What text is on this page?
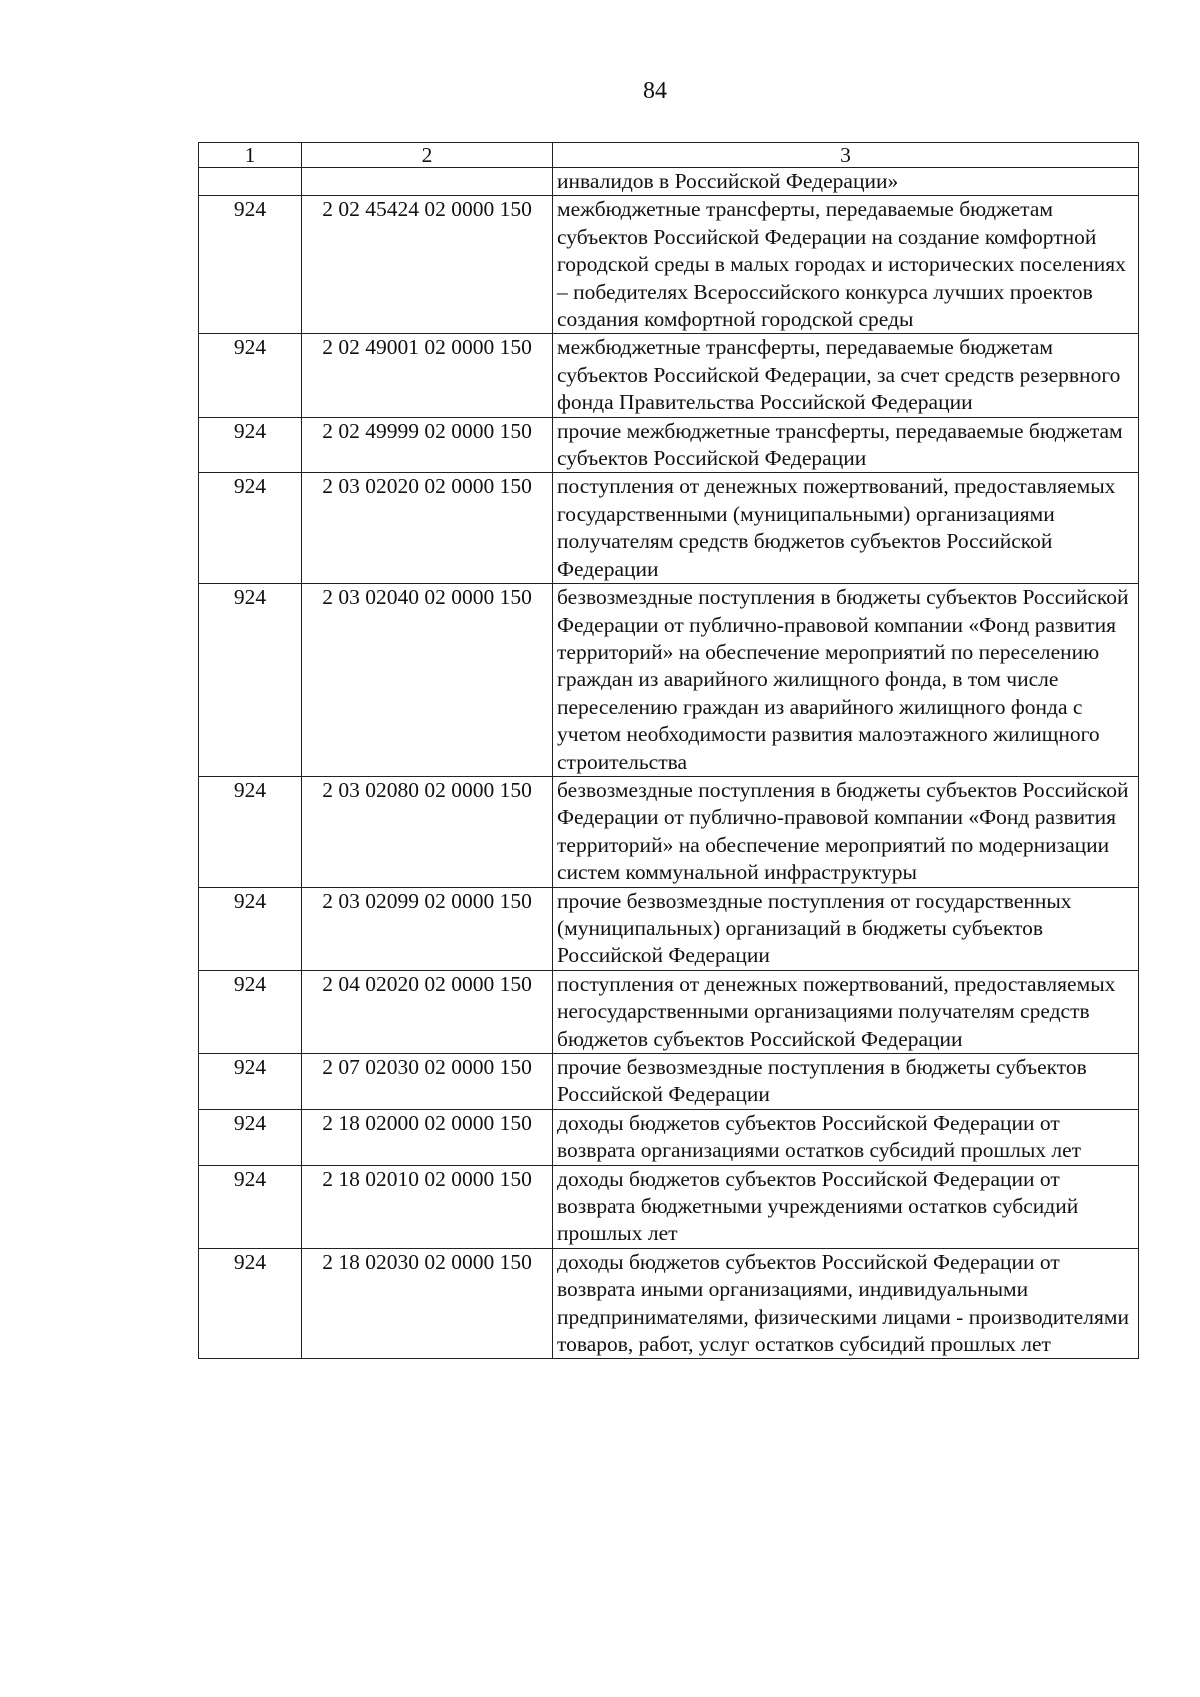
84
1	2	3
		инвалидов в Российской Федерации»
924	2 02 45424 02 0000 150	межбюджетные трансферты, передаваемые бюджетам субъектов Российской Федерации на создание комфортной городской среды в малых городах и исторических поселениях – победителях Всероссийского конкурса лучших проектов создания комфортной городской среды
924	2 02 49001 02 0000 150	межбюджетные трансферты, передаваемые бюджетам субъектов Российской Федерации, за счет средств резервного фонда Правительства Российской Федерации
924	2 02 49999 02 0000 150	прочие межбюджетные трансферты, передаваемые бюджетам субъектов Российской Федерации
924	2 03 02020 02 0000 150	поступления от денежных пожертвований, предоставляемых государственными (муниципальными) организациями получателям средств бюджетов субъектов Российской Федерации
924	2 03 02040 02 0000 150	безвозмездные поступления в бюджеты субъектов Российской Федерации от публично-правовой компании «Фонд развития территорий» на обеспечение мероприятий по переселению граждан из аварийного жилищного фонда, в том числе переселению граждан из аварийного жилищного фонда с учетом необходимости развития малоэтажного жилищного строительства
924	2 03 02080 02 0000 150	безвозмездные поступления в бюджеты субъектов Российской Федерации от публично-правовой компании «Фонд развития территорий» на обеспечение мероприятий по модернизации систем коммунальной инфраструктуры
924	2 03 02099 02 0000 150	прочие безвозмездные поступления от государственных (муниципальных) организаций в бюджеты субъектов Российской Федерации
924	2 04 02020 02 0000 150	поступления от денежных пожертвований, предоставляемых негосударственными организациями получателям средств бюджетов субъектов Российской Федерации
924	2 07 02030 02 0000 150	прочие безвозмездные поступления в бюджеты субъектов Российской Федерации
924	2 18 02000 02 0000 150	доходы бюджетов субъектов Российской Федерации от возврата организациями остатков субсидий прошлых лет
924	2 18 02010 02 0000 150	доходы бюджетов субъектов Российской Федерации от возврата бюджетными учреждениями остатков субсидий прошлых лет
924	2 18 02030 02 0000 150	доходы бюджетов субъектов Российской Федерации от возврата иными организациями, индивидуальными предпринимателями, физическими лицами - производителями товаров, работ, услуг остатков субсидий прошлых лет
